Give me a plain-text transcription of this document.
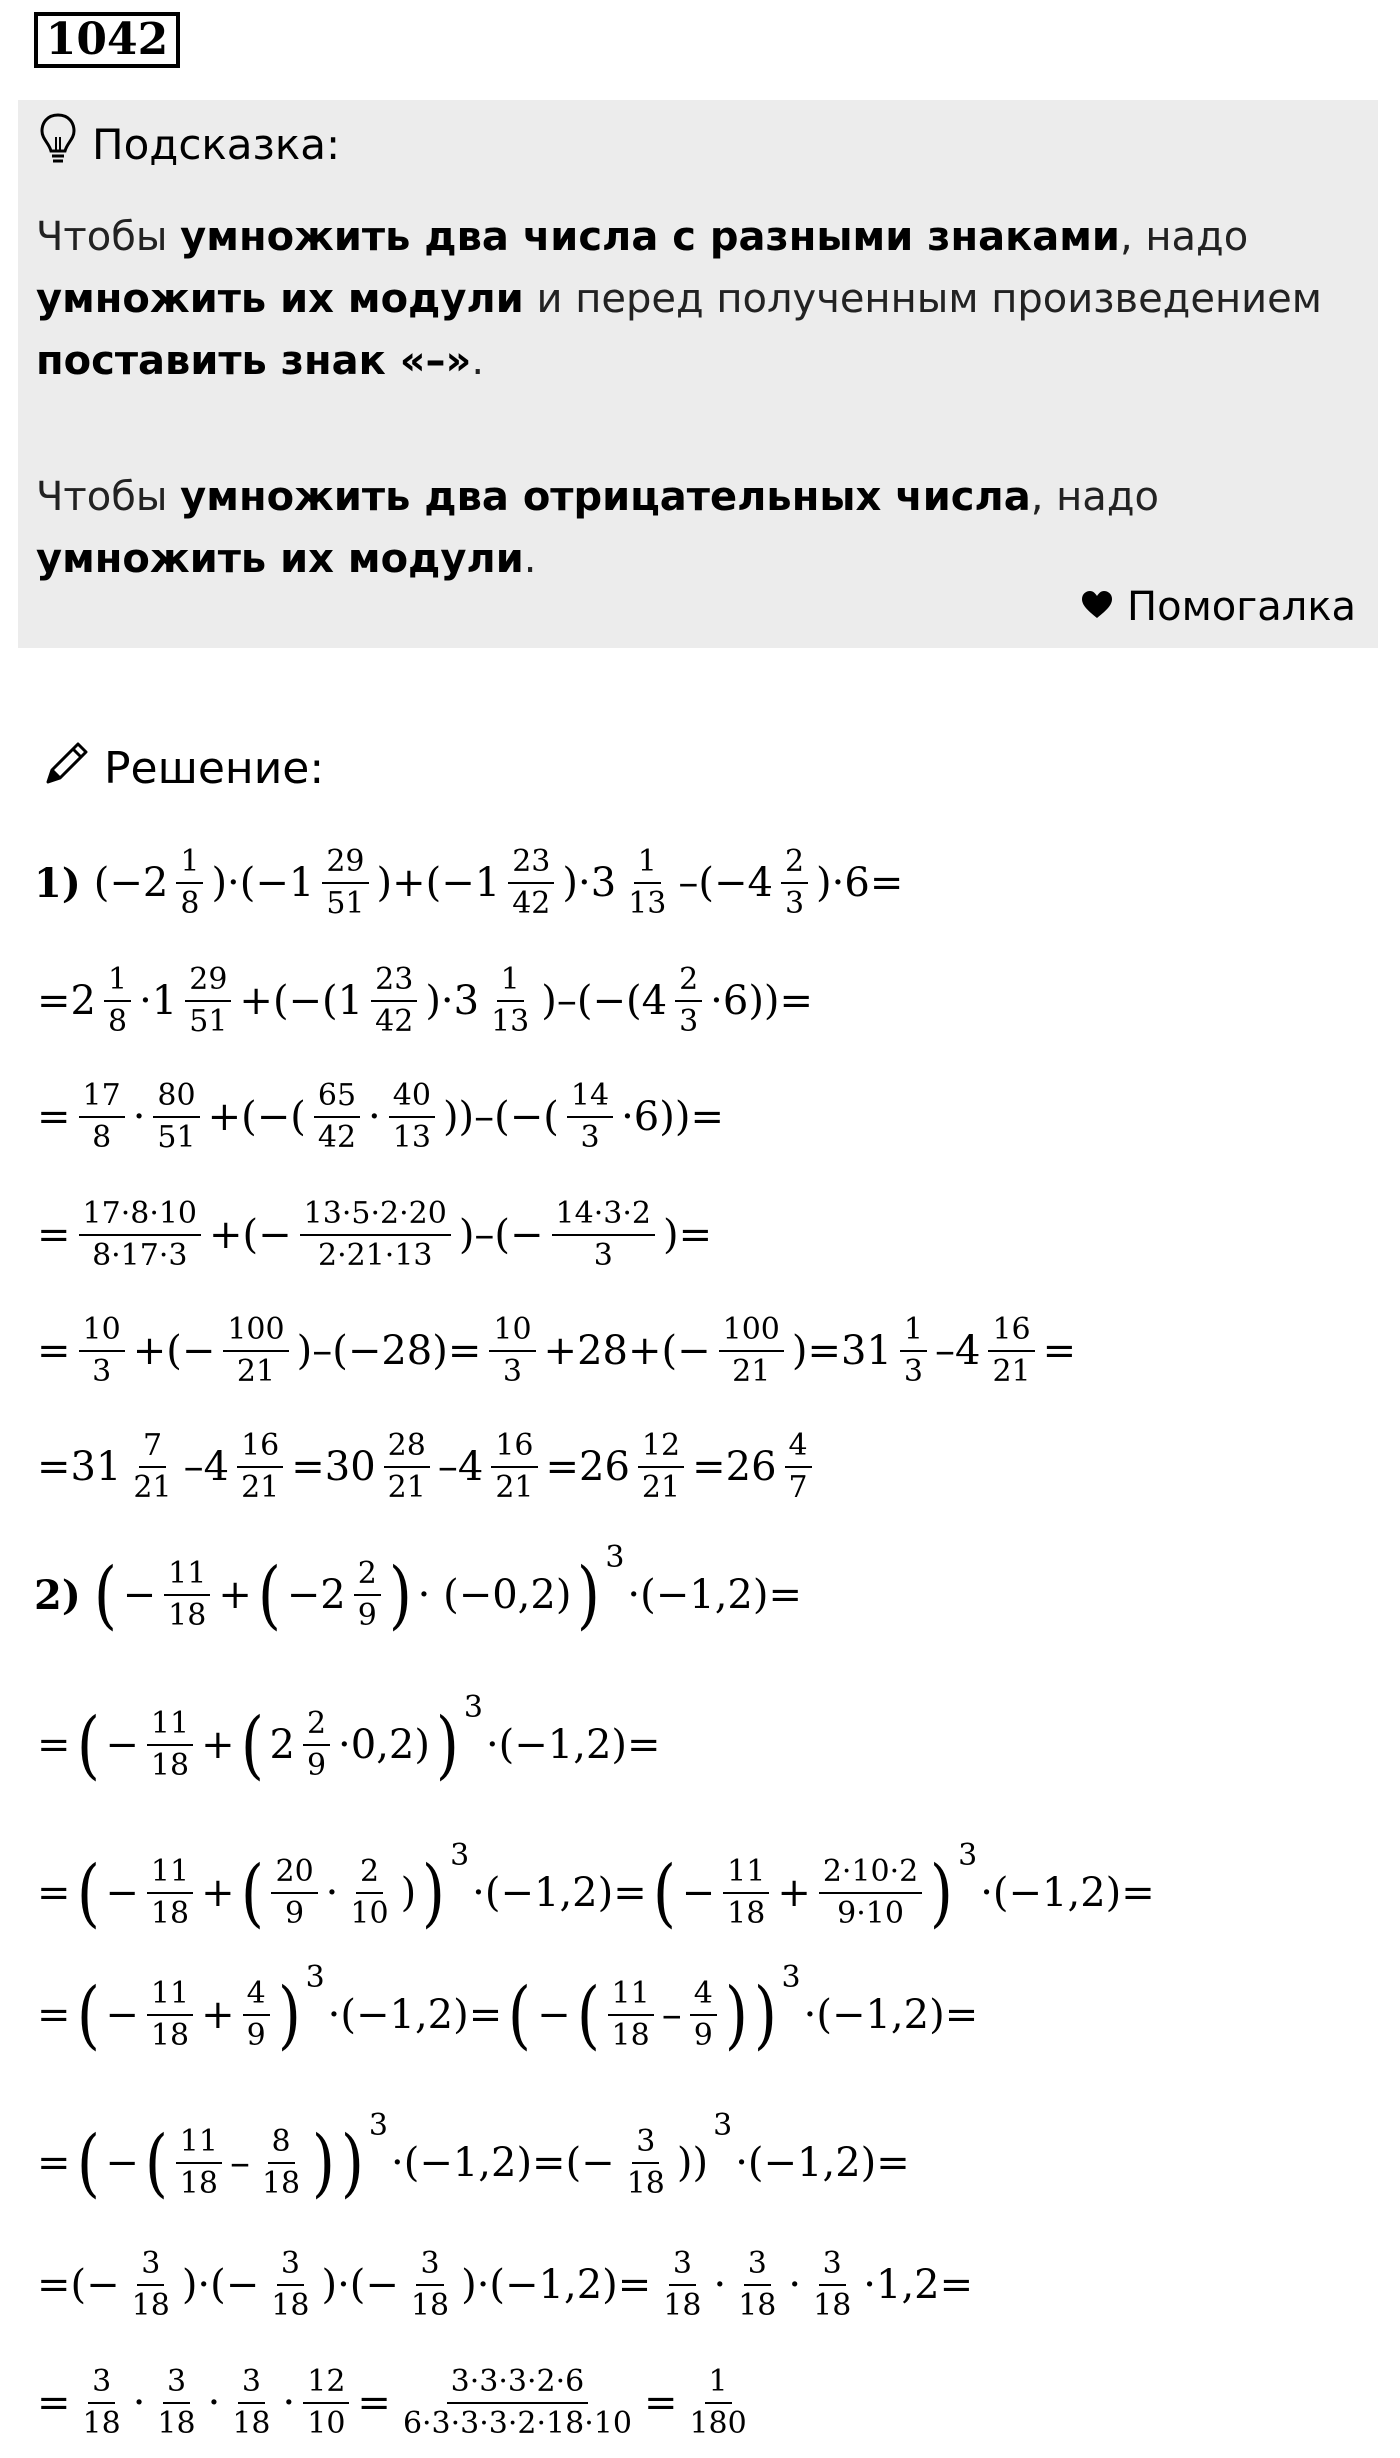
1042
Подсказка:
Чтобы умножить два числа с разными знаками, надо умножить их модули и перед полученным произведением поставить знак «–».
Чтобы умножить два отрицательных числа, надо умножить их модули.
Помогалка
Решение:
1) $(-2 \frac{1}{8} )\cdot(-1 \frac{29}{51} )+(-1 \frac{23}{42} )\cdot 3 \frac{1}{13} -(-4 \frac{2}{3} )\cdot 6=$
$=2 \frac{1}{8} \cdot 1 \frac{29}{51} +(-(1 \frac{23}{42} )\cdot 3 \frac{1}{13} )-(-(4 \frac{2}{3} \cdot 6))=$
= $\frac{17}{8} \cdot \frac{80}{51}$ +(−( $\frac{65}{42} \cdot \frac{40}{13}$ ))–(−( $\frac{14}{3} \cdot 6))=$
= $\frac{17\cdot 8\cdot 10}{8\cdot 17\cdot 3}$ +(− $\frac{13\cdot 5\cdot 2\cdot 20}{2\cdot 21\cdot 13}$ )–(− $\frac{14\cdot 3\cdot 2}{3}$ )=
= $\frac{10}{3}$ +(− $\frac{100}{21} )-(-28)= \frac{10}{3} +28+(- \frac{100}{21} )=31 \frac{1}{3} -4 \frac{16}{21}$ =
$=31 \frac{7}{21} -4 \frac{16}{21} =30 \frac{28}{21} -4 \frac{16}{21} =26 \frac{12}{21} =26 \frac{4}{7}$
2) ( − $\frac{11}{18}$ + ( $-2 \frac{2}{9}$ ) · (−0,2) ) 3
·(−1,2)=
= ( − $\frac{11}{18}$ + ( $2 \frac{2}{9} \cdot 0,2$) ) 3
·(−1,2)=
= ( − $\frac{11}{18}$ + ( $\frac{20}{9} \cdot \frac{2}{10}$ ) ) 3
·(−1,2)= ( − $\frac{11}{18} + \frac{2\cdot 10\cdot 2}{9\cdot 10}$ ) 3
·(−1,2)=
= ( − $\frac{11}{18} + \frac{4}{9}$ ) 3
·(−1,2)= ( − ( $\frac{11}{18} - \frac{4}{9}$ ) ) 3
·(−1,2)=
= ( − ( $\frac{11}{18} - \frac{8}{18}$ ) ) 3
$\cdot(-1,2)=(- \frac{3}{18}$ ))
3
·(−1,2)=
=(− $\frac{3}{18}$ )·(− $\frac{3}{18}$ )·(− $\frac{3}{18} )\cdot(-1,2)= \frac{3}{18} \cdot \frac{3}{18} \cdot \frac{3}{18} \cdot 1,2=$
= $\frac{3}{18} \cdot \frac{3}{18} \cdot \frac{3}{18} \cdot \frac{12}{10} = \frac{3\cdot 3\cdot 3\cdot 2\cdot 6}{6\cdot 3\cdot 3\cdot 3\cdot 2\cdot 18\cdot 10} = \frac{1}{180}$
